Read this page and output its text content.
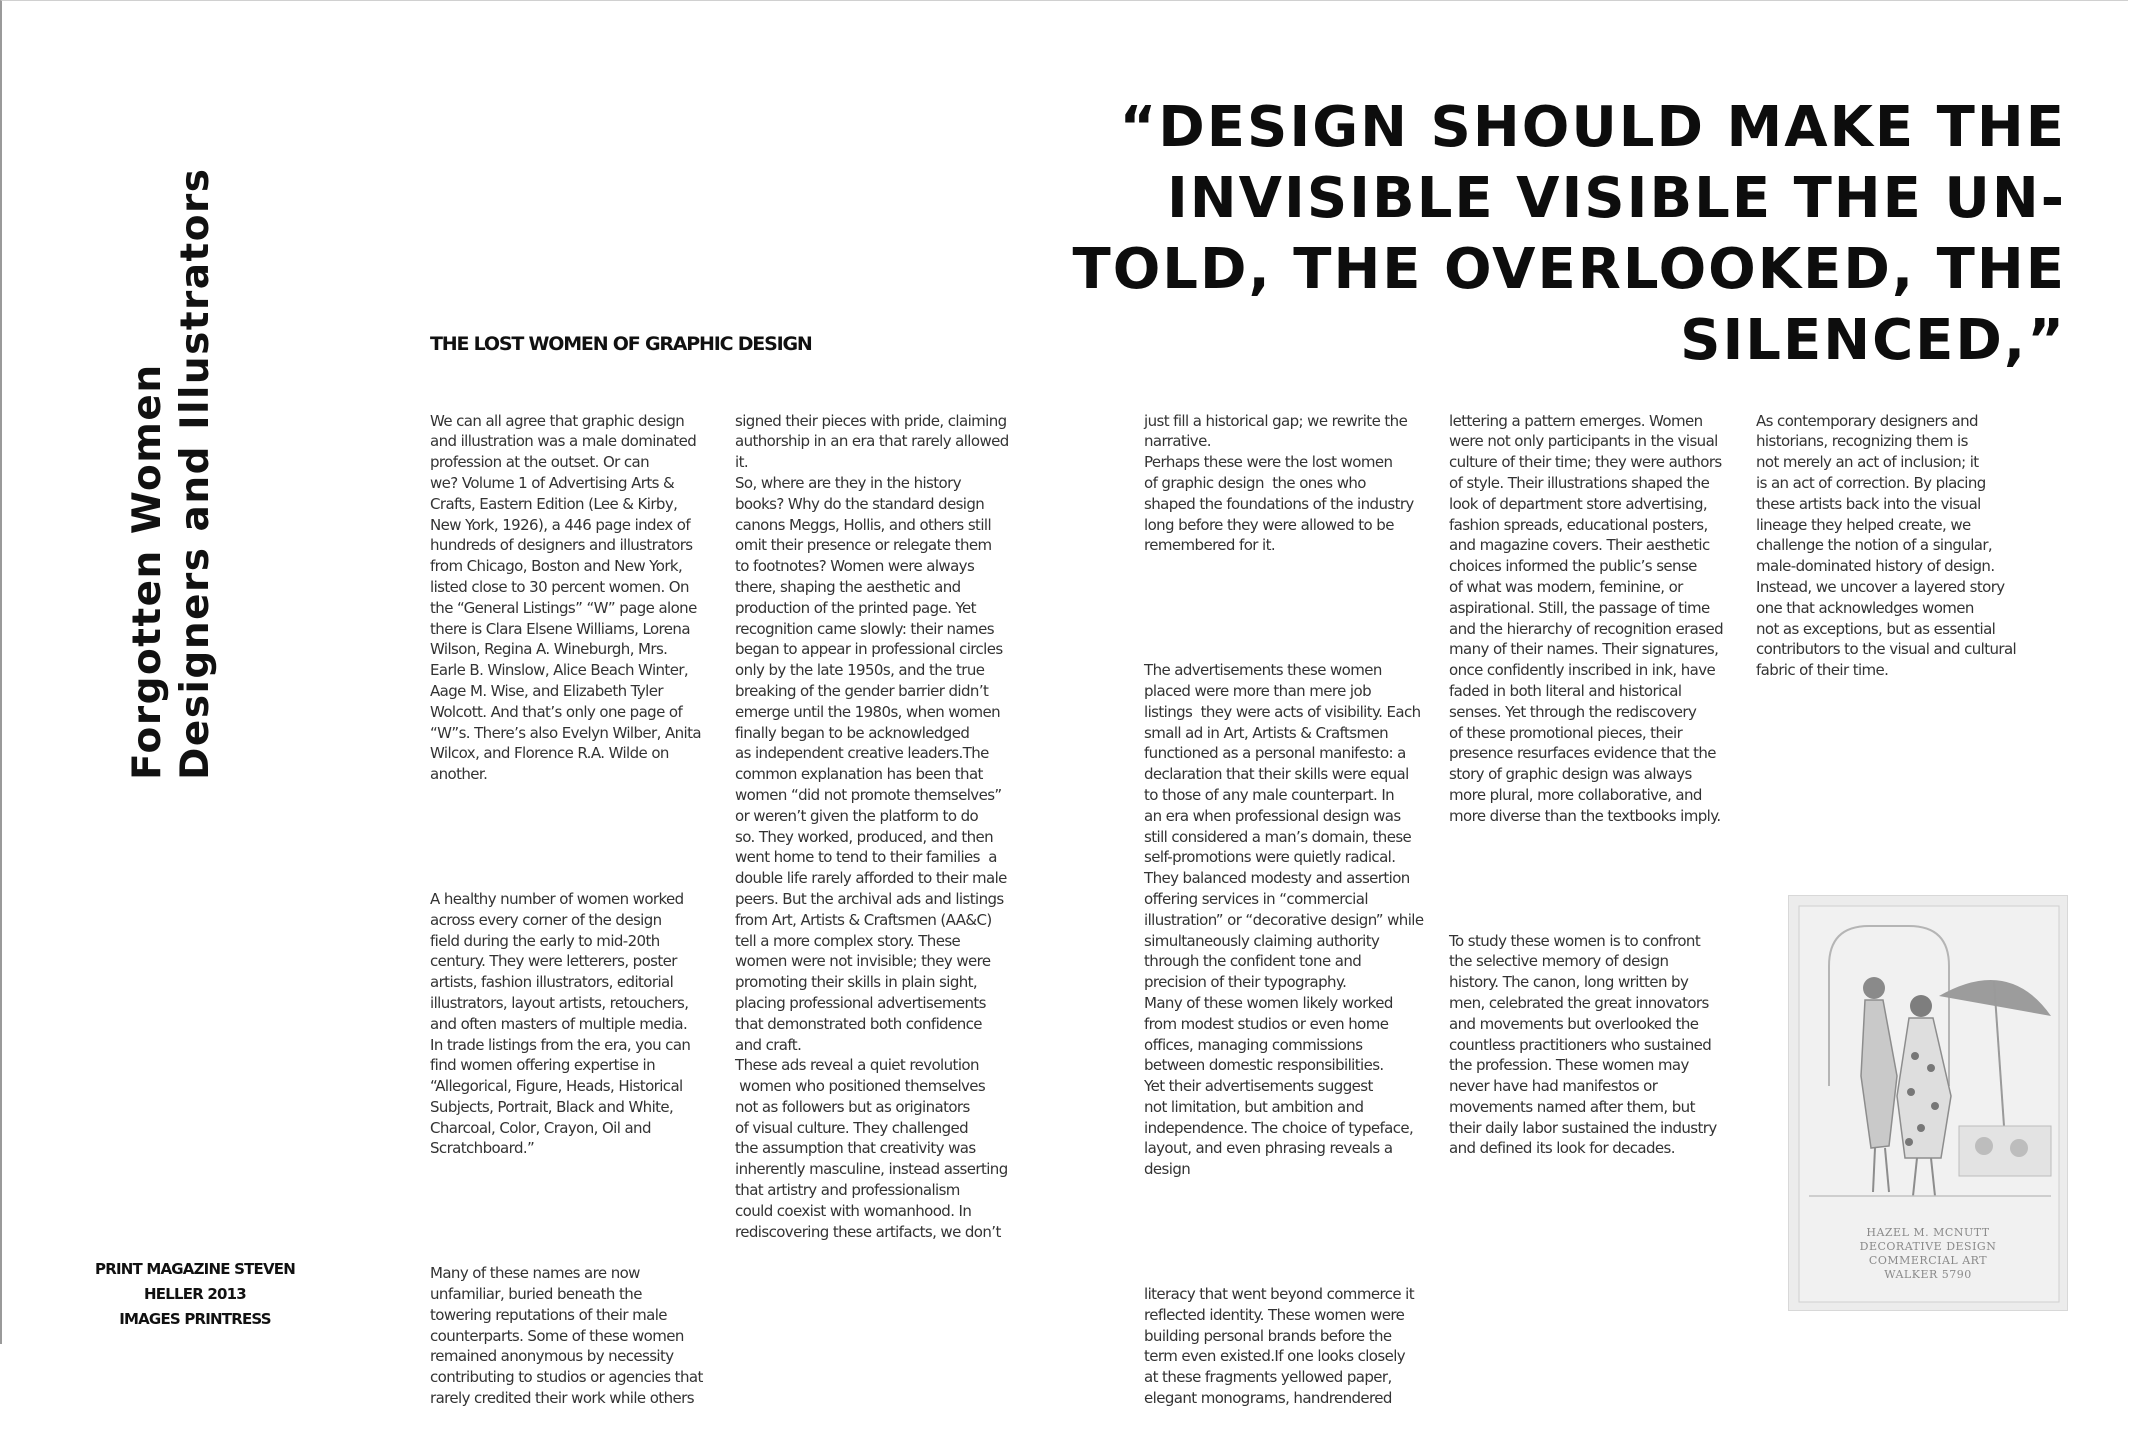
Forgotten Women Designers and Illustrators
“DESIGN SHOULD MAKE THE
INVISIBLE VISIBLE THE UN-
TOLD, THE OVERLOOKED, THE
SILENCED,”
THE LOST WOMEN OF GRAPHIC DESIGN

We can all agree that graphic design
and illustration was a male dominated
profession at the outset. Or can
we? Volume 1 of Advertising Arts &
Crafts, Eastern Edition (Lee & Kirby,
New York, 1926), a 446 page index of
hundreds of designers and illustrators
from Chicago, Boston and New York,
listed close to 30 percent women. On
the “General Listings” “W” page alone
there is Clara Elsene Williams, Lorena
Wilson, Regina A. Wineburgh, Mrs.
Earle B. Winslow, Alice Beach Winter,
Aage M. Wise, and Elizabeth Tyler
Wolcott. And that’s only one page of
“W”s. There’s also Evelyn Wilber, Anita
Wilcox, and Florence R.A. Wilde on
another.

A healthy number of women worked
across every corner of the design
field during the early to mid-20th
century. They were letterers, poster
artists, fashion illustrators, editorial
illustrators, layout artists, retouchers,
and often masters of multiple media.
In trade listings from the era, you can
find women offering expertise in
“Allegorical, Figure, Heads, Historical
Subjects, Portrait, Black and White,
Charcoal, Color, Crayon, Oil and
Scratchboard.”

Many of these names are now
unfamiliar, buried beneath the
towering reputations of their male
counterparts. Some of these women
remained anonymous by necessity
contributing to studios or agencies that
rarely credited their work while others

signed their pieces with pride, claiming
authorship in an era that rarely allowed
it.
So, where are they in the history
books? Why do the standard design
canons Meggs, Hollis, and others still
omit their presence or relegate them
to footnotes? Women were always
there, shaping the aesthetic and
production of the printed page. Yet
recognition came slowly: their names
began to appear in professional circles
only by the late 1950s, and the true
breaking of the gender barrier didn’t
emerge until the 1980s, when women
finally began to be acknowledged
as independent creative leaders.The
common explanation has been that
women “did not promote themselves”
or weren’t given the platform to do
so. They worked, produced, and then
went home to tend to their families  a
double life rarely afforded to their male
peers. But the archival ads and listings
from Art, Artists & Craftsmen (AA&C)
tell a more complex story. These
women were not invisible; they were
promoting their skills in plain sight,
placing professional advertisements
that demonstrated both confidence
and craft.
These ads reveal a quiet revolution
women who positioned themselves
not as followers but as originators
of visual culture. They challenged
the assumption that creativity was
inherently masculine, instead asserting
that artistry and professionalism
could coexist with womanhood. In
rediscovering these artifacts, we don’t

just fill a historical gap; we rewrite the
narrative.
Perhaps these were the lost women
of graphic design  the ones who
shaped the foundations of the industry
long before they were allowed to be
remembered for it.

The advertisements these women
placed were more than mere job
listings  they were acts of visibility. Each
small ad in Art, Artists & Craftsmen
functioned as a personal manifesto: a
declaration that their skills were equal
to those of any male counterpart. In
an era when professional design was
still considered a man’s domain, these
self-promotions were quietly radical.
They balanced modesty and assertion
offering services in “commercial
illustration” or “decorative design” while
simultaneously claiming authority
through the confident tone and
precision of their typography.
Many of these women likely worked
from modest studios or even home
offices, managing commissions
between domestic responsibilities.
Yet their advertisements suggest
not limitation, but ambition and
independence. The choice of typeface,
layout, and even phrasing reveals a
design

literacy that went beyond commerce it
reflected identity. These women were
building personal brands before the
term even existed.If one looks closely
at these fragments yellowed paper,
elegant monograms, handrendered

lettering a pattern emerges. Women
were not only participants in the visual
culture of their time; they were authors
of style. Their illustrations shaped the
look of department store advertising,
fashion spreads, educational posters,
and magazine covers. Their aesthetic
choices informed the public’s sense
of what was modern, feminine, or
aspirational. Still, the passage of time
and the hierarchy of recognition erased
many of their names. Their signatures,
once confidently inscribed in ink, have
faded in both literal and historical
senses. Yet through the rediscovery
of these promotional pieces, their
presence resurfaces evidence that the
story of graphic design was always
more plural, more collaborative, and
more diverse than the textbooks imply.

To study these women is to confront
the selective memory of design
history. The canon, long written by
men, celebrated the great innovators
and movements but overlooked the
countless practitioners who sustained
the profession. These women may
never have had manifestos or
movements named after them, but
their daily labor sustained the industry
and defined its look for decades.

As contemporary designers and
historians, recognizing them is
not merely an act of inclusion; it
is an act of correction. By placing
these artists back into the visual
lineage they helped create, we
challenge the notion of a singular,
male-dominated history of design.
Instead, we uncover a layered story
one that acknowledges women
not as exceptions, but as essential
contributors to the visual and cultural
fabric of their time.

PRINT MAGAZINE STEVEN HELLER 2013
IMAGES PRINTRESS
HAZEL M. MCNUTT
DECORATIVE DESIGN
COMMERCIAL ART
WALKER 5790
